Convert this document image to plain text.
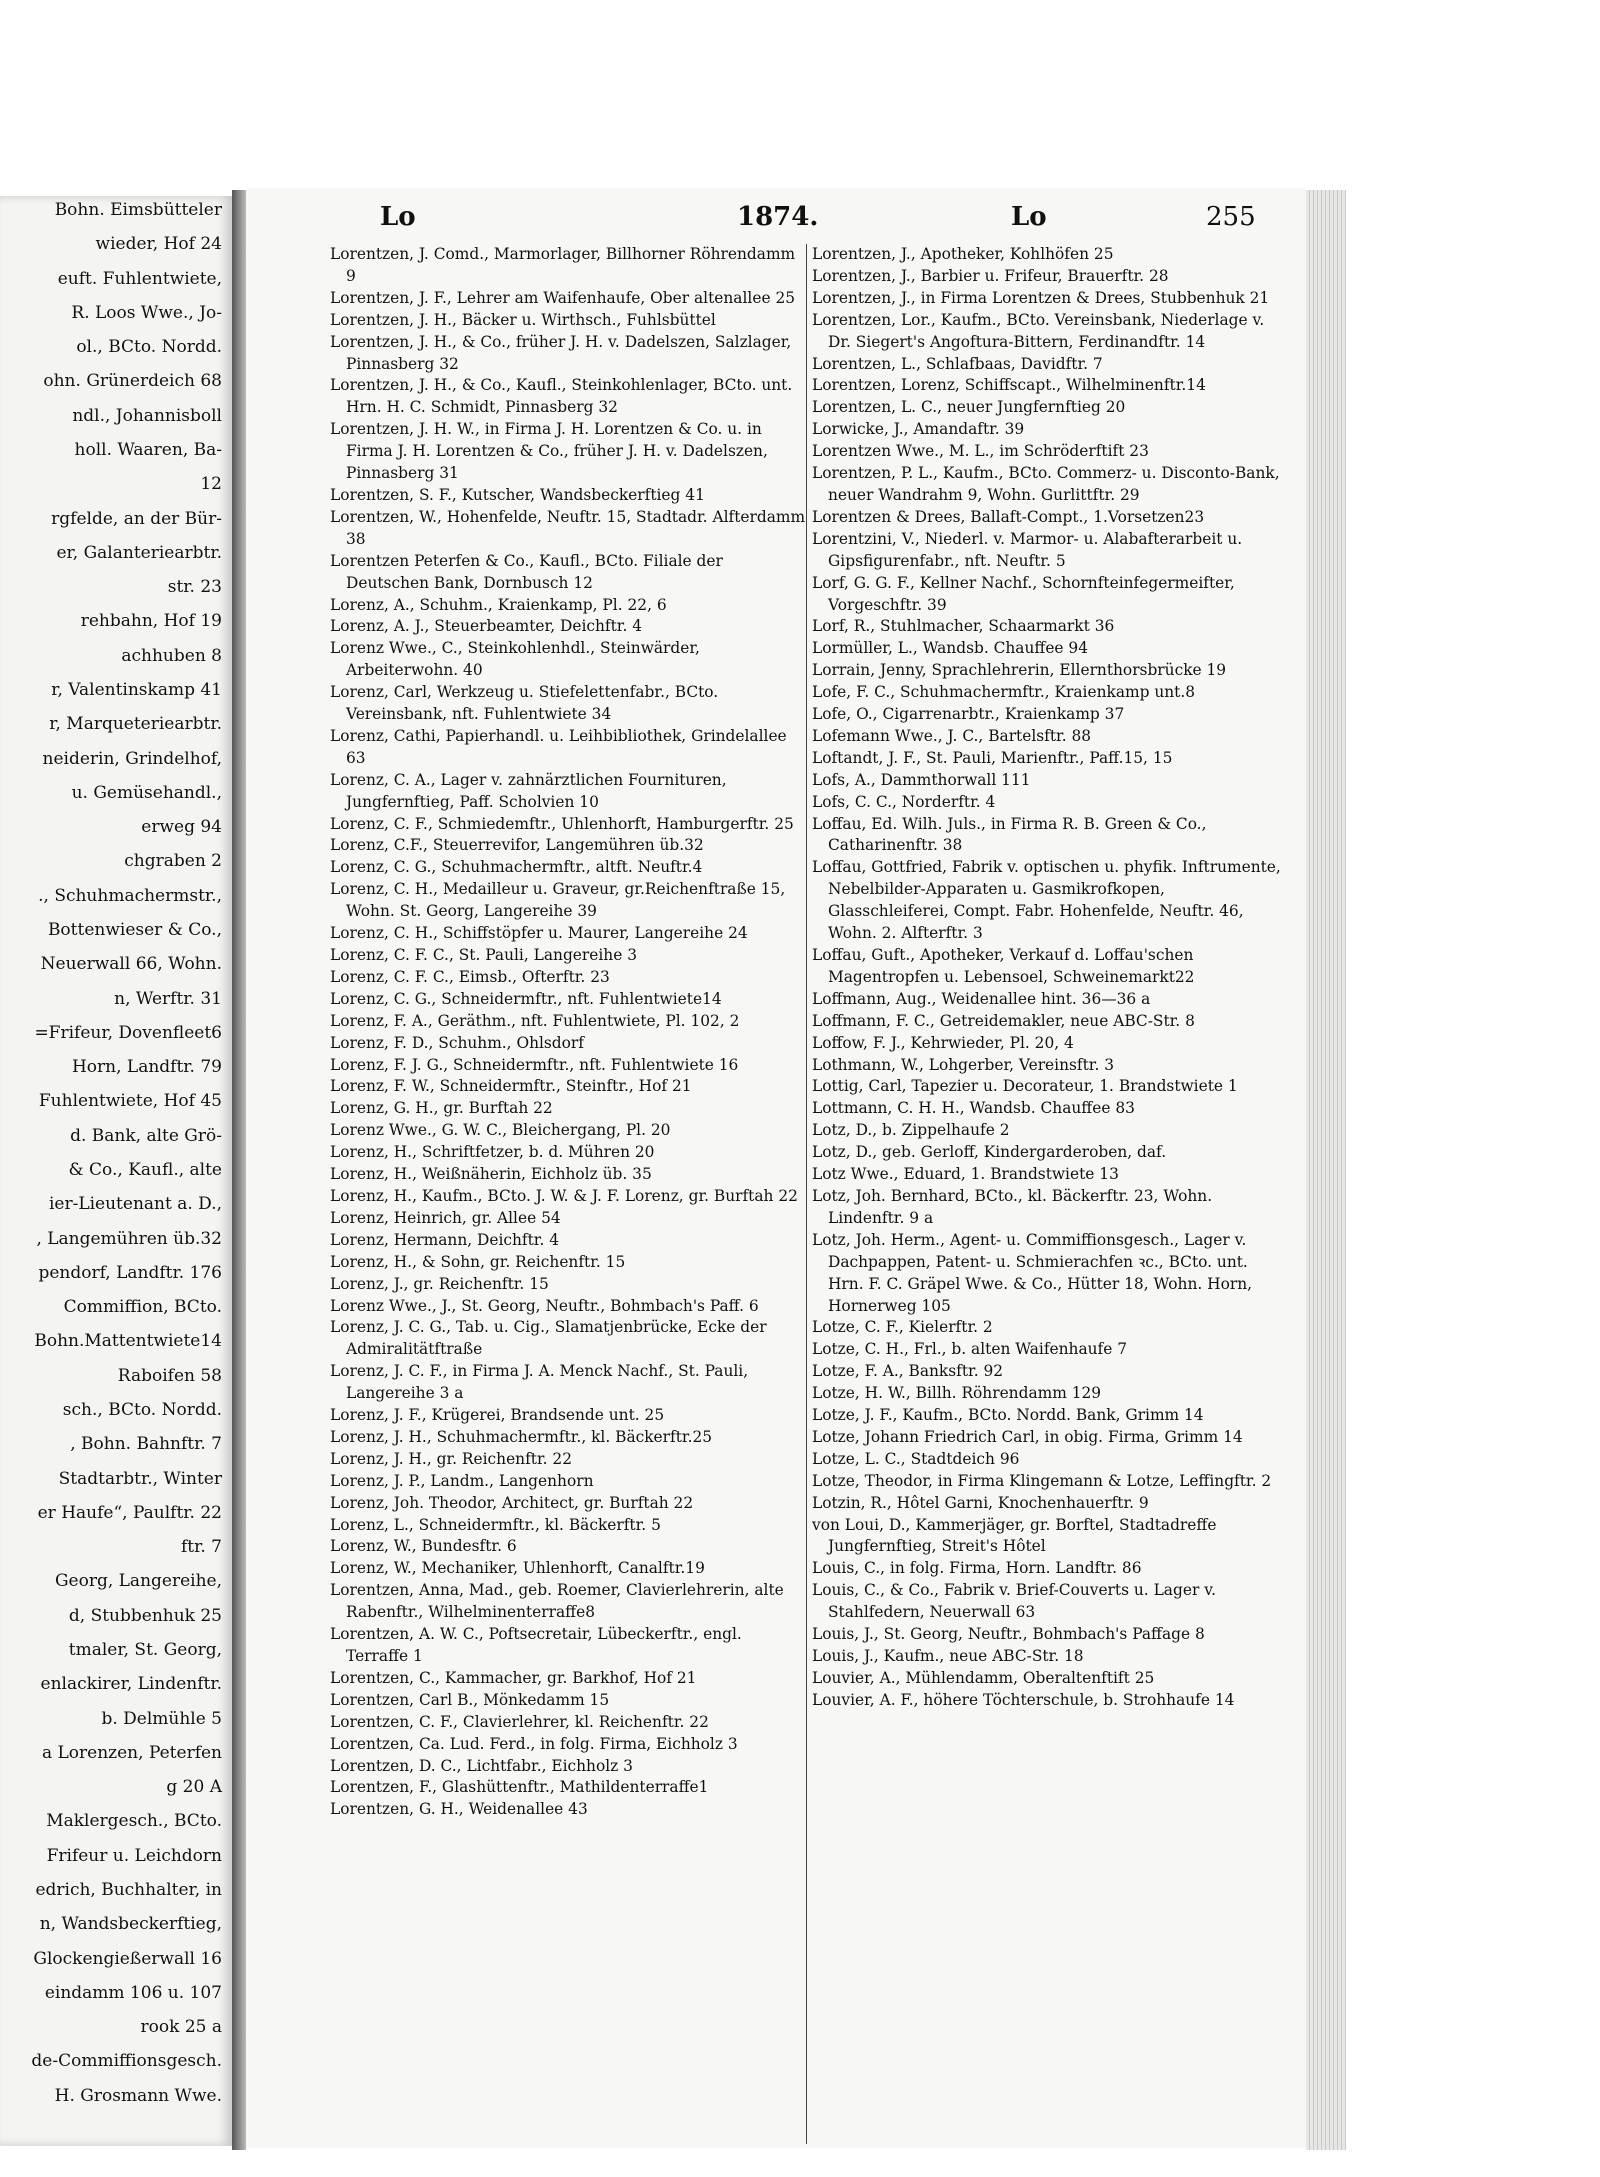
Bohn. Eimsbütteler
wieder, Hof 24
euft. Fuhlentwiete,
R. Loos Wwe., Jo-
ol., BCto. Nordd.
ohn. Grünerdeich 68
ndl., Johannisboll
holl. Waaren, Ba-
12
rgfelde, an der Bür-
er, Galanteriearbtr.
str. 23
rehbahn, Hof 19
achhuben 8
r, Valentinskamp 41
r, Marqueteriearbtr.
neiderin, Grindelhof,
u. Gemüsehandl.,
erweg 94
chgraben 2
., Schuhmachermstr.,
Bottenwieser & Co.,
Neuerwall 66, Wohn.
n, Werftr. 31
=Frifeur, Dovenfleet6
Horn, Landftr. 79
Fuhlentwiete, Hof 45
d. Bank, alte Grö-
& Co., Kaufl., alte
ier-Lieutenant a. D.,
, Langemühren üb.32
pendorf, Landftr. 176
Commiffion, BCto.
Bohn.Mattentwiete14
Raboifen 58
sch., BCto. Nordd.
, Bohn. Bahnftr. 7
Stadtarbtr., Winter
er Haufe“, Paulftr. 22
ftr. 7
Georg, Langereihe,
d, Stubbenhuk 25
tmaler, St. Georg,
enlackirer, Lindenftr.
b. Delmühle 5
a Lorenzen, Peterfen
g 20 A
Maklergesch., BCto.
Frifeur u. Leichdorn
edrich, Buchhalter, in
n, Wandsbeckerftieg,
Glockengießerwall 16
eindamm 106 u. 107
rook 25 a
de-Commiffionsgesch.
H. Grosmann Wwe.
Lo	1874.	Lo	255

Lorentzen, J. Comd., Marmorlager, Billhorner Röhrendamm 9

Lorentzen, J. F., Lehrer am Waifenhaufe, Ober altenallee 25

Lorentzen, J. H., Bäcker u. Wirthsch., Fuhlsbüttel

Lorentzen, J. H., & Co., früher J. H. v. Dadelszen, Salzlager, Pinnasberg 32

Lorentzen, J. H., & Co., Kaufl., Steinkohlenlager, BCto. unt. Hrn. H. C. Schmidt, Pinnasberg 32

Lorentzen, J. H. W., in Firma J. H. Lorentzen & Co. u. in Firma J. H. Lorentzen & Co., früher J. H. v. Dadelszen, Pinnasberg 31

Lorentzen, S. F., Kutscher, Wandsbeckerftieg 41

Lorentzen, W., Hohenfelde, Neuftr. 15, Stadtadr. Alfterdamm 38

Lorentzen Peterfen & Co., Kaufl., BCto. Filiale der Deutschen Bank, Dornbusch 12

Lorenz, A., Schuhm., Kraienkamp, Pl. 22, 6

Lorenz, A. J., Steuerbeamter, Deichftr. 4

Lorenz Wwe., C., Steinkohlenhdl., Steinwärder, Arbeiterwohn. 40

Lorenz, Carl, Werkzeug u. Stiefelettenfabr., BCto. Vereinsbank, nft. Fuhlentwiete 34

Lorenz, Cathi, Papierhandl. u. Leihbibliothek, Grindelallee 63

Lorenz, C. A., Lager v. zahnärztlichen Fournituren, Jungfernftieg, Paff. Scholvien 10

Lorenz, C. F., Schmiedemftr., Uhlenhorft, Hamburgerftr. 25

Lorenz, C.F., Steuerrevifor, Langemühren üb.32

Lorenz, C. G., Schuhmachermftr., altft. Neuftr.4

Lorenz, C. H., Medailleur u. Graveur, gr.Reichenftraße 15, Wohn. St. Georg, Langereihe 39

Lorenz, C. H., Schiffstöpfer u. Maurer, Langereihe 24

Lorenz, C. F. C., St. Pauli, Langereihe 3

Lorenz, C. F. C., Eimsb., Ofterftr. 23

Lorenz, C. G., Schneidermftr., nft. Fuhlentwiete14

Lorenz, F. A., Geräthm., nft. Fuhlentwiete, Pl. 102, 2

Lorenz, F. D., Schuhm., Ohlsdorf

Lorenz, F. J. G., Schneidermftr., nft. Fuhlentwiete 16

Lorenz, F. W., Schneidermftr., Steinftr., Hof 21

Lorenz, G. H., gr. Burftah 22

Lorenz Wwe., G. W. C., Bleichergang, Pl. 20

Lorenz, H., Schriftfetzer, b. d. Mühren 20

Lorenz, H., Weißnäherin, Eichholz üb. 35

Lorenz, H., Kaufm., BCto. J. W. & J. F. Lorenz, gr. Burftah 22

Lorenz, Heinrich, gr. Allee 54

Lorenz, Hermann, Deichftr. 4

Lorenz, H., & Sohn, gr. Reichenftr. 15

Lorenz, J., gr. Reichenftr. 15

Lorenz Wwe., J., St. Georg, Neuftr., Bohmbach's Paff. 6

Lorenz, J. C. G., Tab. u. Cig., Slamatjenbrücke, Ecke der Admiralitätftraße

Lorenz, J. C. F., in Firma J. A. Menck Nachf., St. Pauli, Langereihe 3 a

Lorenz, J. F., Krügerei, Brandsende unt. 25

Lorenz, J. H., Schuhmachermftr., kl. Bäckerftr.25

Lorenz, J. H., gr. Reichenftr. 22

Lorenz, J. P., Landm., Langenhorn

Lorenz, Joh. Theodor, Architect, gr. Burftah 22

Lorenz, L., Schneidermftr., kl. Bäckerftr. 5

Lorenz, W., Bundesftr. 6

Lorenz, W., Mechaniker, Uhlenhorft, Canalftr.19

Lorentzen, Anna, Mad., geb. Roemer, Clavierlehrerin, alte Rabenftr., Wilhelminenterraffe8

Lorentzen, A. W. C., Poftsecretair, Lübeckerftr., engl. Terraffe 1

Lorentzen, C., Kammacher, gr. Barkhof, Hof 21

Lorentzen, Carl B., Mönkedamm 15

Lorentzen, C. F., Clavierlehrer, kl. Reichenftr. 22

Lorentzen, Ca. Lud. Ferd., in folg. Firma, Eichholz 3

Lorentzen, D. C., Lichtfabr., Eichholz 3

Lorentzen, F., Glashüttenftr., Mathildenterraffe1

Lorentzen, G. H., Weidenallee 43

Lorentzen, J., Apotheker, Kohlhöfen 25

Lorentzen, J., Barbier u. Frifeur, Brauerftr. 28

Lorentzen, J., in Firma Lorentzen & Drees, Stubbenhuk 21

Lorentzen, Lor., Kaufm., BCto. Vereinsbank, Niederlage v. Dr. Siegert's Angoftura-Bittern, Ferdinandftr. 14

Lorentzen, L., Schlafbaas, Davidftr. 7

Lorentzen, Lorenz, Schiffscapt., Wilhelminenftr.14

Lorentzen, L. C., neuer Jungfernftieg 20

Lorwicke, J., Amandaftr. 39

Lorentzen Wwe., M. L., im Schröderftift 23

Lorentzen, P. L., Kaufm., BCto. Commerz- u. Disconto-Bank, neuer Wandrahm 9, Wohn. Gurlittftr. 29

Lorentzen & Drees, Ballaft-Compt., 1.Vorsetzen23

Lorentzini, V., Niederl. v. Marmor- u. Alabafterarbeit u. Gipsfigurenfabr., nft. Neuftr. 5

Lorf, G. G. F., Kellner Nachf., Schornfteinfegermeifter, Vorgeschftr. 39

Lorf, R., Stuhlmacher, Schaarmarkt 36

Lormüller, L., Wandsb. Chauffee 94

Lorrain, Jenny, Sprachlehrerin, Ellernthorsbrücke 19

Lofe, F. C., Schuhmachermftr., Kraienkamp unt.8

Lofe, O., Cigarrenarbtr., Kraienkamp 37

Lofemann Wwe., J. C., Bartelsftr. 88

Loftandt, J. F., St. Pauli, Marienftr., Paff.15, 15

Lofs, A., Dammthorwall 111

Lofs, C. C., Norderftr. 4

Loffau, Ed. Wilh. Juls., in Firma R. B. Green & Co., Catharinenftr. 38

Loffau, Gottfried, Fabrik v. optischen u. phyfik. Inftrumente, Nebelbilder-Apparaten u. Gasmikrofkopen, Glasschleiferei, Compt. Fabr. Hohenfelde, Neuftr. 46, Wohn. 2. Alfterftr. 3

Loffau, Guft., Apotheker, Verkauf d. Loffau'schen Magentropfen u. Lebensoel, Schweinemarkt22

Loffmann, Aug., Weidenallee hint. 36—36 a

Loffmann, F. C., Getreidemakler, neue ABC-Str. 8

Loffow, F. J., Kehrwieder, Pl. 20, 4

Lothmann, W., Lohgerber, Vereinsftr. 3

Lottig, Carl, Tapezier u. Decorateur, 1. Brandstwiete 1

Lottmann, C. H. H., Wandsb. Chauffee 83

Lotz, D., b. Zippelhaufe 2

Lotz, D., geb. Gerloff, Kindergarderoben, daf.

Lotz Wwe., Eduard, 1. Brandstwiete 13

Lotz, Joh. Bernhard, BCto., kl. Bäckerftr. 23, Wohn. Lindenftr. 9 a

Lotz, Joh. Herm., Agent- u. Commiffionsgesch., Lager v. Dachpappen, Patent- u. Schmierachfen ꝛc., BCto. unt. Hrn. F. C. Gräpel Wwe. & Co., Hütter 18, Wohn. Horn, Hornerweg 105

Lotze, C. F., Kielerftr. 2

Lotze, C. H., Frl., b. alten Waifenhaufe 7

Lotze, F. A., Banksftr. 92

Lotze, H. W., Billh. Röhrendamm 129

Lotze, J. F., Kaufm., BCto. Nordd. Bank, Grimm 14

Lotze, Johann Friedrich Carl, in obig. Firma, Grimm 14

Lotze, L. C., Stadtdeich 96

Lotze, Theodor, in Firma Klingemann & Lotze, Leffingftr. 2

Lotzin, R., Hôtel Garni, Knochenhauerftr. 9

von Loui, D., Kammerjäger, gr. Borftel, Stadtadreffe Jungfernftieg, Streit's Hôtel

Louis, C., in folg. Firma, Horn. Landftr. 86

Louis, C., & Co., Fabrik v. Brief-Couverts u. Lager v. Stahlfedern, Neuerwall 63

Louis, J., St. Georg, Neuftr., Bohmbach's Paffage 8

Louis, J., Kaufm., neue ABC-Str. 18

Louvier, A., Mühlendamm, Oberaltenftift 25

Louvier, A. F., höhere Töchterschule, b. Strohhaufe 14
